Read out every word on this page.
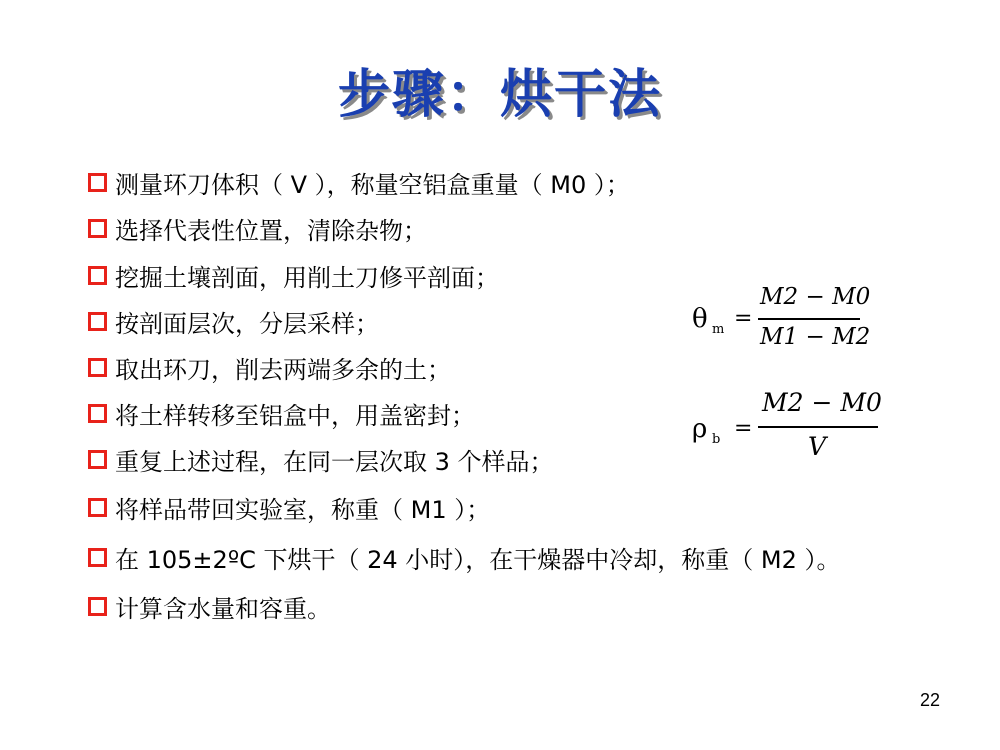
步骤：烘干法
测量环刀体积（ V ），称量空铝盒重量（ M0 ）；
选择代表性位置，清除杂物；
挖掘土壤剖面，用削土刀修平剖面；
按剖面层次，分层采样；
取出环刀，削去两端多余的土；
将土样转移至铝盒中，用盖密封；
重复上述过程，在同一层次取 3 个样品；
将样品带回实验室，称重（ M1 ）；
在 105±2ºC 下烘干（ 24 小时），在干燥器中冷却，称重（ M2 ）。
计算含水量和容重。
θ m =
M2 − M0
M1 − M2
ρ b =
M2 − M0
V
22
